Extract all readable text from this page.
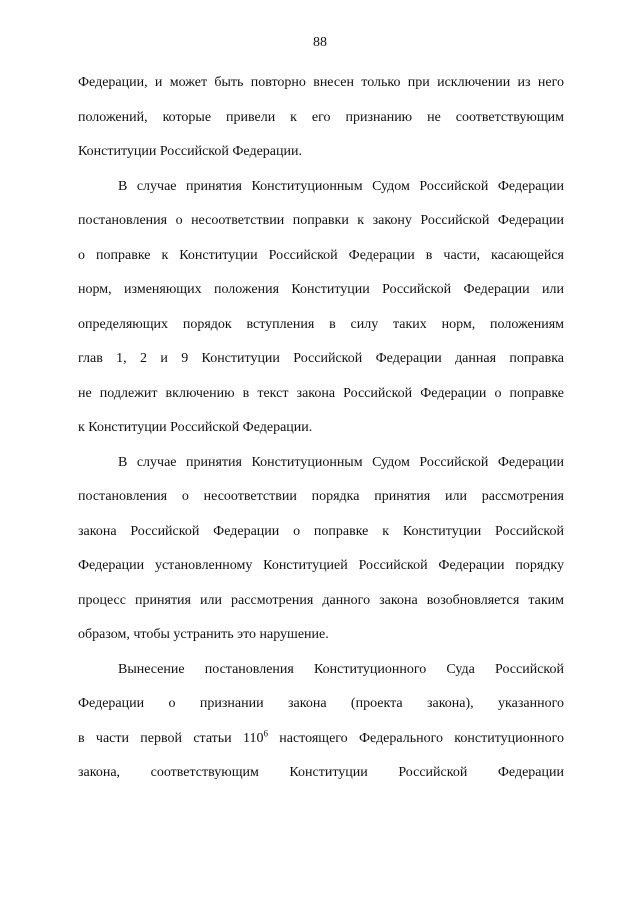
88
Федерации, и может быть повторно внесен только при исключении из него
положений, которые привели к его признанию не соответствующим
Конституции Российской Федерации.
В случае принятия Конституционным Судом Российской Федерации
постановления о несоответствии поправки к закону Российской Федерации
о поправке к Конституции Российской Федерации в части, касающейся
норм, изменяющих положения Конституции Российской Федерации или
определяющих порядок вступления в силу таких норм, положениям
глав 1, 2 и 9 Конституции Российской Федерации данная поправка
не подлежит включению в текст закона Российской Федерации о поправке
к Конституции Российской Федерации.
В случае принятия Конституционным Судом Российской Федерации
постановления о несоответствии порядка принятия или рассмотрения
закона Российской Федерации о поправке к Конституции Российской
Федерации установленному Конституцией Российской Федерации порядку
процесс принятия или рассмотрения данного закона возобновляется таким
образом, чтобы устранить это нарушение.
Вынесение постановления Конституционного Суда Российской
Федерации о признании закона (проекта закона), указанного
в части первой статьи $110^6$ настоящего Федерального конституционного
закона, соответствующим Конституции Российской Федерации
